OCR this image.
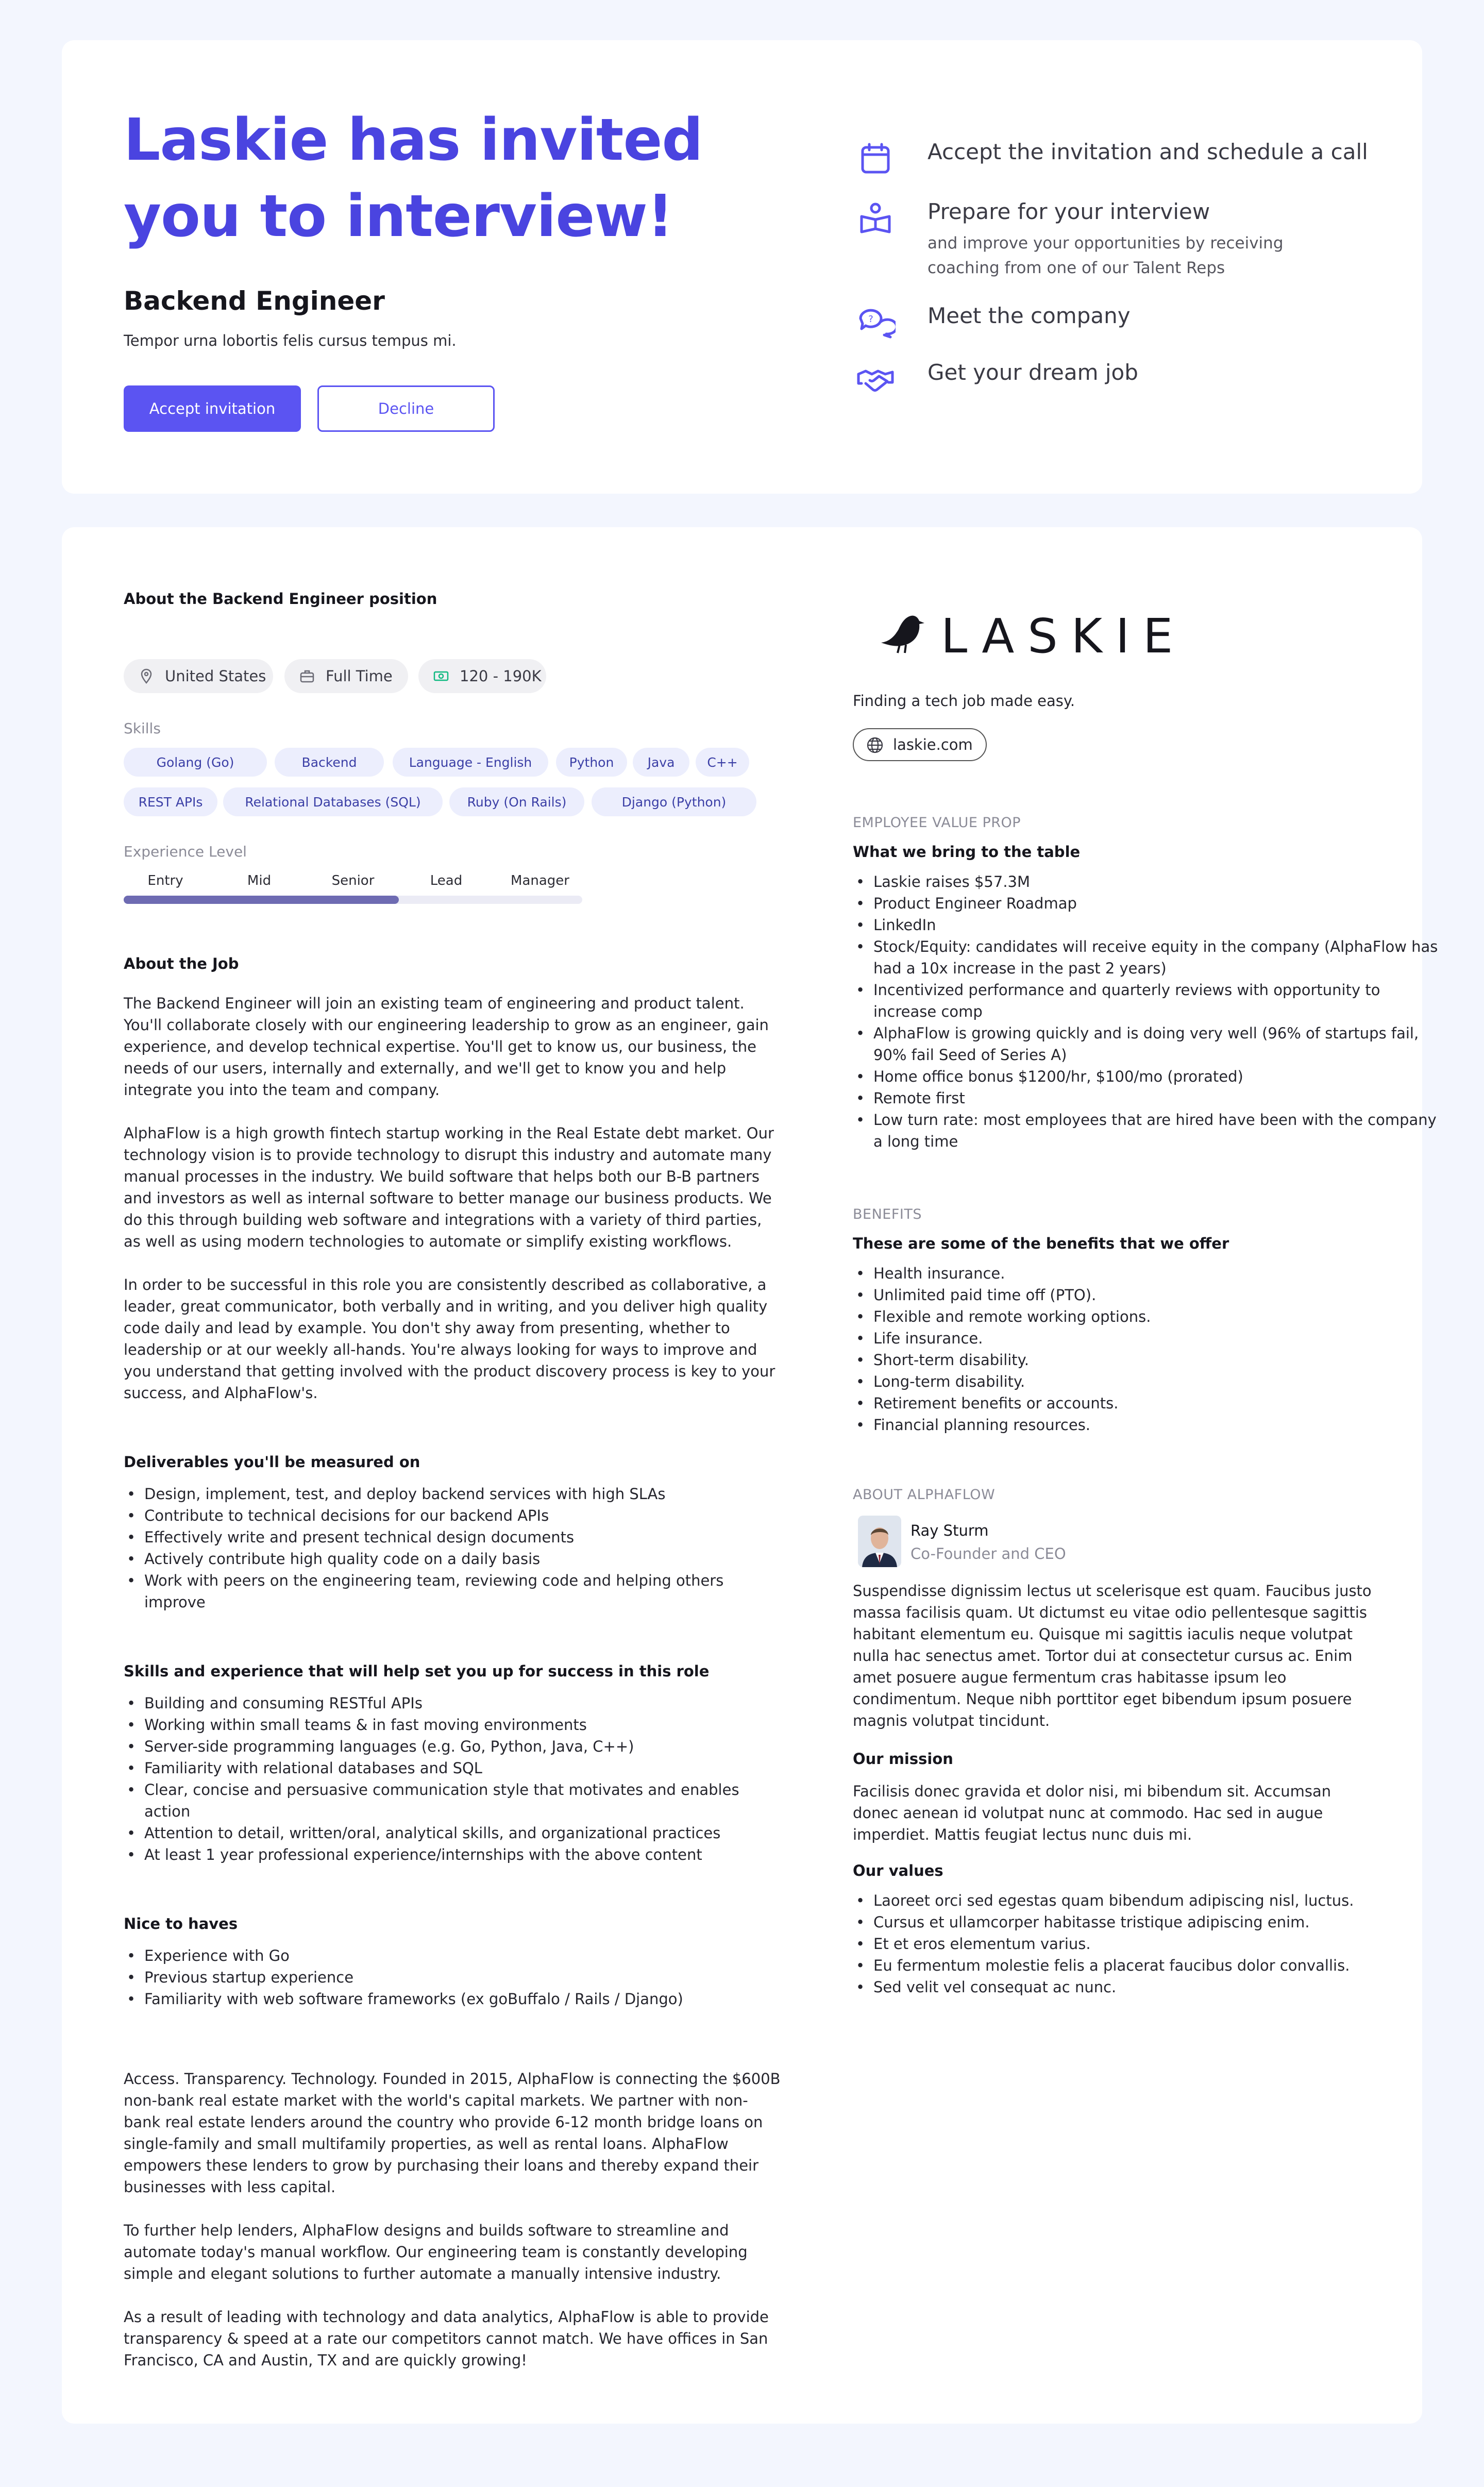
Laskie has invited you to interview!
Backend Engineer
Tempor urna lobortis felis cursus tempus mi.
Accept invitation	Decline
Accept the invitation and schedule a call
Prepare for your interview
and improve your opportunities by receiving coaching from one of our Talent Reps
?	Meet the company
Get your dream job
About the Backend Engineer position
United States	Full Time	120 - 190K
Skills
Golang (Go)	Backend	Language - English	Python	Java	C++
REST APIs	Relational Databases (SQL)	Ruby (On Rails)	Django (Python)
Experience Level
Entry	Mid	Senior	Lead	Manager
About the Job

The Backend Engineer will join an existing team of engineering and product talent. You'll collaborate closely with our engineering leadership to grow as an engineer, gain experience, and develop technical expertise. You'll get to know us, our business, the needs of our users, internally and externally, and we'll get to know you and help integrate you into the team and company.

AlphaFlow is a high growth fintech startup working in the Real Estate debt market. Our technology vision is to provide technology to disrupt this industry and automate many manual processes in the industry. We build software that helps both our B-B partners and investors as well as internal software to better manage our business products. We do this through building web software and integrations with a variety of third parties, as well as using modern technologies to automate or simplify existing workflows.

In order to be successful in this role you are consistently described as collaborative, a leader, great communicator, both verbally and in writing, and you deliver high quality code daily and lead by example. You don't shy away from presenting, whether to leadership or at our weekly all-hands. You're always looking for ways to improve and you understand that getting involved with the product discovery process is key to your success, and AlphaFlow's.

Deliverables you'll be measured on
• Design, implement, test, and deploy backend services with high SLAs
• Contribute to technical decisions for our backend APIs
• Effectively write and present technical design documents
• Actively contribute high quality code on a daily basis
• Work with peers on the engineering team, reviewing code and helping others improve
Skills and experience that will help set you up for success in this role
• Building and consuming RESTful APIs
• Working within small teams & in fast moving environments
• Server-side programming languages (e.g. Go, Python, Java, C++)
• Familiarity with relational databases and SQL
• Clear, concise and persuasive communication style that motivates and enables action
• Attention to detail, written/oral, analytical skills, and organizational practices
• At least 1 year professional experience/internships with the above content
Nice to haves
• Experience with Go
• Previous startup experience
• Familiarity with web software frameworks (ex goBuffalo / Rails / Django)

Access. Transparency. Technology. Founded in 2015, AlphaFlow is connecting the $600B non-bank real estate market with the world's capital markets. We partner with non-bank real estate lenders around the country who provide 6-12 month bridge loans on single-family and small multifamily properties, as well as rental loans. AlphaFlow empowers these lenders to grow by purchasing their loans and thereby expand their businesses with less capital.

To further help lenders, AlphaFlow designs and builds software to streamline and automate today's manual workflow. Our engineering team is constantly developing simple and elegant solutions to further automate a manually intensive industry.

As a result of leading with technology and data analytics, AlphaFlow is able to provide transparency & speed at a rate our competitors cannot match. We have offices in San Francisco, CA and Austin, TX and are quickly growing!

LASKIE
Finding a tech job made easy.
laskie.com
EMPLOYEE VALUE PROP
What we bring to the table
• Laskie raises $57.3M
• Product Engineer Roadmap
• LinkedIn
• Stock/Equity: candidates will receive equity in the company (AlphaFlow has had a 10x increase in the past 2 years)
• Incentivized performance and quarterly reviews with opportunity to increase comp
• AlphaFlow is growing quickly and is doing very well (96% of startups fail, 90% fail Seed of Series A)
• Home office bonus $1200/hr, $100/mo (prorated)
• Remote first
• Low turn rate: most employees that are hired have been with the company a long time
BENEFITS
These are some of the benefits that we offer
• Health insurance.
• Unlimited paid time off (PTO).
• Flexible and remote working options.
• Life insurance.
• Short-term disability.
• Long-term disability.
• Retirement benefits or accounts.
• Financial planning resources.
ABOUT ALPHAFLOW
Ray Sturm
Co-Founder and CEO

Suspendisse dignissim lectus ut scelerisque est quam. Faucibus justo massa facilisis quam. Ut dictumst eu vitae odio pellentesque sagittis habitant elementum eu. Quisque mi sagittis iaculis neque volutpat nulla hac senectus amet. Tortor dui at consectetur cursus ac. Enim amet posuere augue fermentum cras habitasse ipsum leo condimentum. Neque nibh porttitor eget bibendum ipsum posuere magnis volutpat tincidunt.

Our mission

Facilisis donec gravida et dolor nisi, mi bibendum sit. Accumsan donec aenean id volutpat nunc at commodo. Hac sed in augue imperdiet. Mattis feugiat lectus nunc duis mi.

Our values
• Laoreet orci sed egestas quam bibendum adipiscing nisl, luctus.
• Cursus et ullamcorper habitasse tristique adipiscing enim.
• Et et eros elementum varius.
• Eu fermentum molestie felis a placerat faucibus dolor convallis.
• Sed velit vel consequat ac nunc.
